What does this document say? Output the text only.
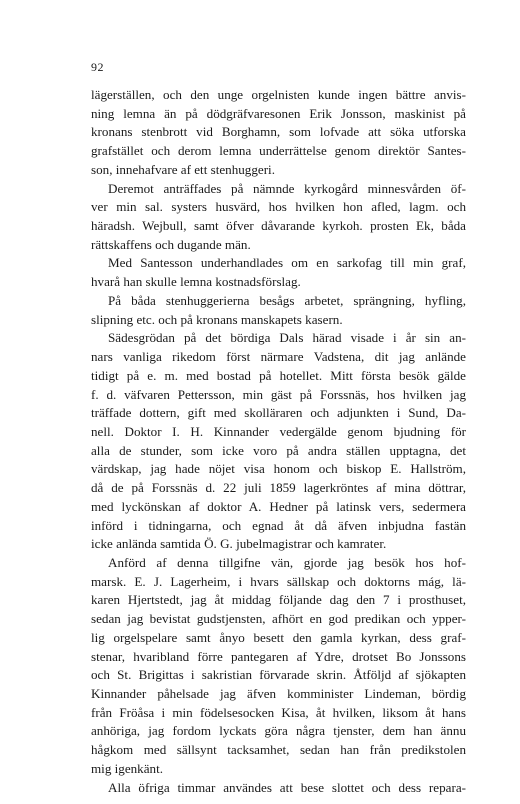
92

lägerställen, och den unge orgelnisten kunde ingen bättre anvis-

ning lemna än på dödgräfvaresonen Erik Jonsson, maskinist på

kronans stenbrott vid Borghamn, som lofvade att söka utforska

grafstället och derom lemna underrättelse genom direktör Santes-

son, innehafvare af ett stenhuggeri.

Deremot anträffades på nämnde kyrkogård minnesvården öf-

ver min sal. systers husvärd, hos hvilken hon afled, lagm. och

häradsh. Wejbull, samt öfver dåvarande kyrkoh. prosten Ek, båda

rättskaffens och dugande män.

Med Santesson underhandlades om en sarkofag till min graf,

hvarå han skulle lemna kostnadsförslag.

På båda stenhuggerierna besågs arbetet, sprängning, hyfling,

slipning etc. och på kronans manskapets kasern.

Sädesgrödan på det bördiga Dals härad visade i år sin an-

nars vanliga rikedom först närmare Vadstena, dit jag anlände

tidigt på e. m. med bostad på hotellet. Mitt första besök gälde

f. d. väfvaren Pettersson, min gäst på Forssnäs, hos hvilken jag

träffade dottern, gift med skolläraren och adjunkten i Sund, Da-

nell. Doktor I. H. Kinnander vedergälde genom bjudning för

alla de stunder, som icke voro på andra ställen upptagna, det

värdskap, jag hade nöjet visa honom och biskop E. Hallström,

då de på Forssnäs d. 22 juli 1859 lagerkröntes af mina döttrar,

med lyckönskan af doktor A. Hedner på latinsk vers, sedermera

införd i tidningarna, och egnad åt då äfven inbjudna fastän

icke anlända samtida Ö. G. jubelmagistrar och kamrater.

Anförd af denna tillgifne vän, gjorde jag besök hos hof-

marsk. E. J. Lagerheim, i hvars sällskap och doktorns mág, lä-

karen Hjertstedt, jag åt middag följande dag den 7 i prosthuset,

sedan jag bevistat gudstjensten, afhört en god predikan och ypper-

lig orgelspelare samt ånyo besett den gamla kyrkan, dess graf-

stenar, hvaribland förre pantegaren af Ydre, drotset Bo Jonssons

och St. Brigittas i sakristian förvarade skrin. Åtföljd af sjökapten

Kinnander påhelsade jag äfven komminister Lindeman, bördig

från Fröåsa i min födelsesocken Kisa, åt hvilken, liksom åt hans

anhöriga, jag fordom lyckats göra några tjenster, dem han ännu

hågkom med sällsynt tacksamhet, sedan han från predikstolen

mig igenkänt.

Alla öfriga timmar användes att bese slottet och dess repara-
